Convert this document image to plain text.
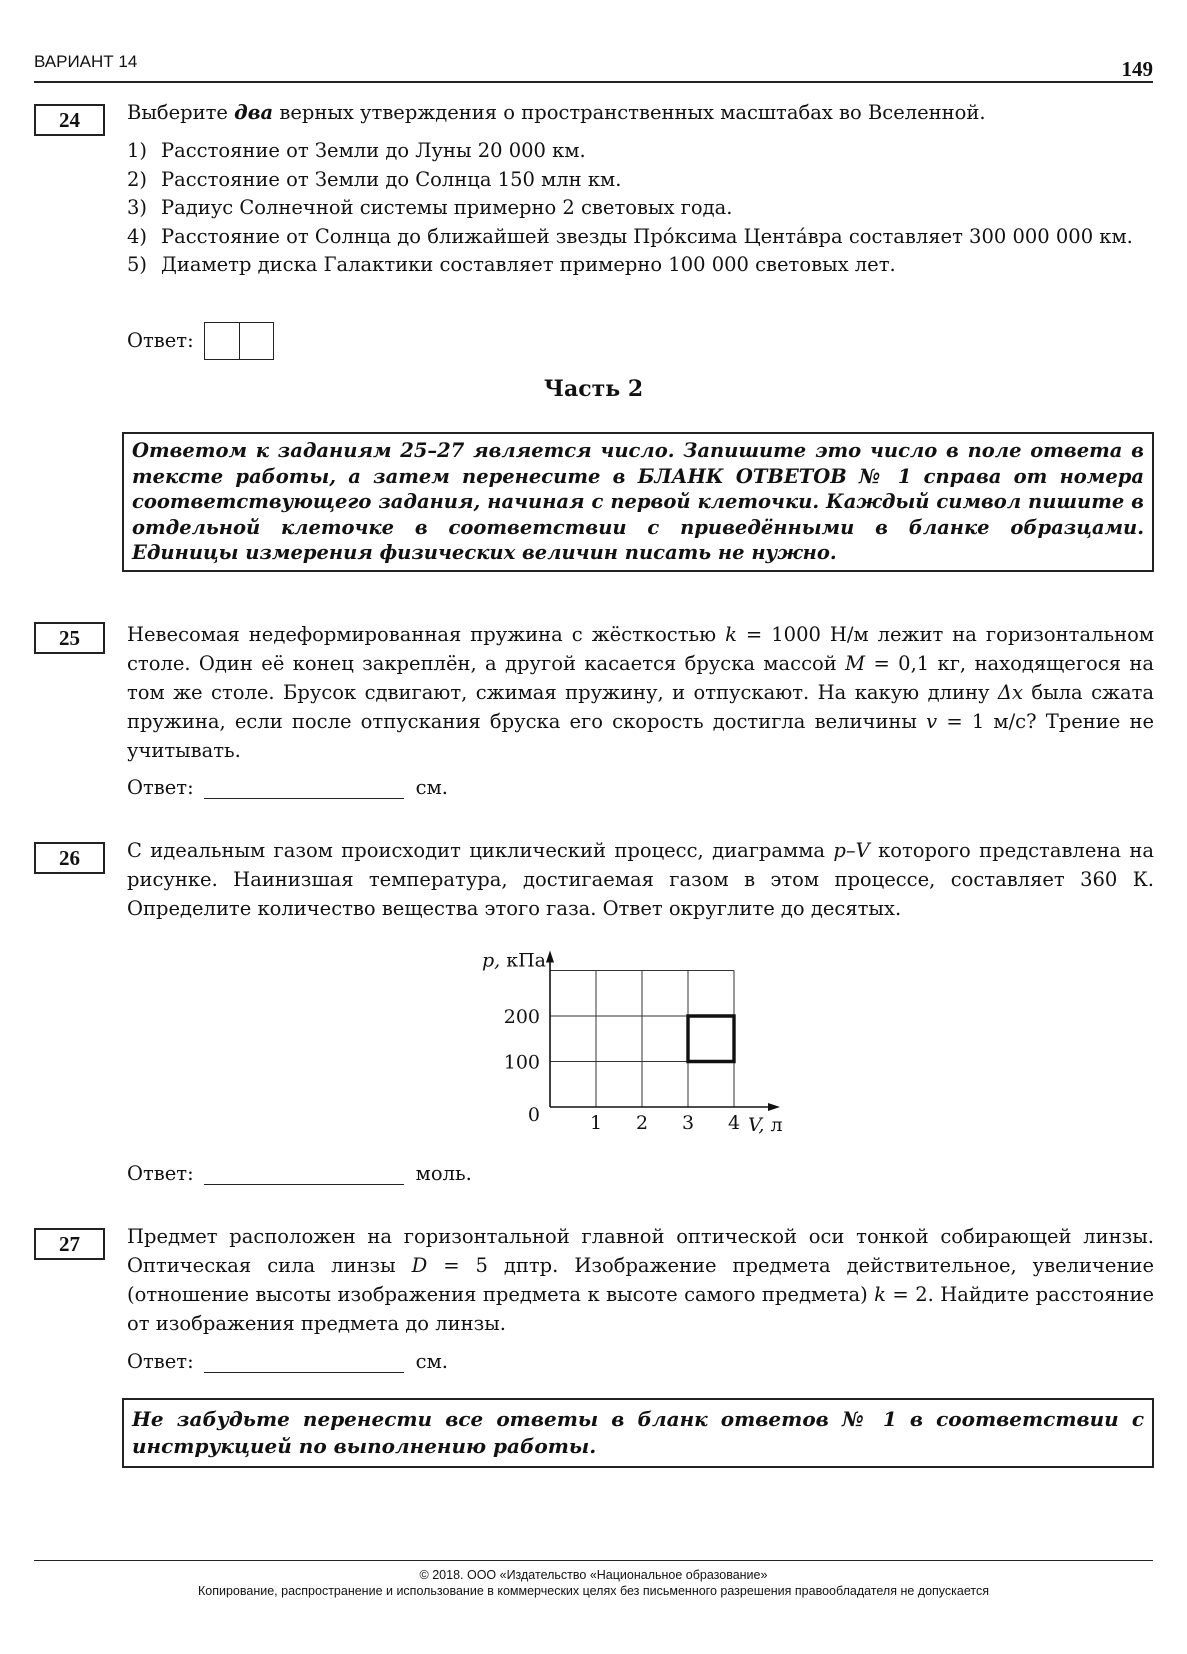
ВАРИАНТ 14	149
24	Выберите два верных утверждения о пространственных масштабах во Вселенной.

1) Расстояние от Земли до Луны 20 000 км.
2) Расстояние от Земли до Солнца 150 млн км.
3) Радиус Солнечной системы примерно 2 световых года.
4) Расстояние от Солнца до ближайшей звезды Про́ксима Цента́вра составляет 300 000 000 км.
5) Диаметр диска Галактики составляет примерно 100 000 световых лет.
Ответ:
Часть 2
Ответом к заданиям 25–27 является число. Запишите это число в поле ответа в тексте работы, а затем перенесите в БЛАНК ОТВЕТОВ № 1 справа от номера соответствующего задания, начиная с первой клеточки. Каждый символ пишите в отдельной клеточке в соответствии с приведёнными в бланке образцами. Единицы измерения физических величин писать не нужно.
25	Невесомая недеформированная пружина с жёсткостью k = 1000 Н/м лежит на горизонтальном столе. Один её конец закреплён, а другой касается бруска массой M = 0,1 кг, находящегося на том же столе. Брусок сдвигают, сжимая пружину, и отпускают. На какую длину Δx была сжата пружина, если после отпускания бруска его скорость достигла величины v = 1 м/с? Трение не учитывать.

Ответ:	см.
26	С идеальным газом происходит циклический процесс, диаграмма p–V которого представлена на рисунке. Наинизшая температура, достигаемая газом в этом процессе, составляет 360 К. Определите количество вещества этого газа. Ответ округлите до десятых.

1 2 3 4
100
200
0
p, кПа
V, л
Ответ:	моль.
27	Предмет расположен на горизонтальной главной оптической оси тонкой собирающей линзы. Оптическая сила линзы D = 5 дптр. Изображение предмета действительное, увеличение (отношение высоты изображения предмета к высоте самого предмета) k = 2. Найдите расстояние от изображения предмета до линзы.

Ответ:	см.
Не забудьте перенести все ответы в бланк ответов № 1 в соответствии с инструкцией по выполнению работы.
© 2018. ООО «Издательство «Национальное образование»
Копирование, распространение и использование в коммерческих целях без письменного разрешения правообладателя не допускается
